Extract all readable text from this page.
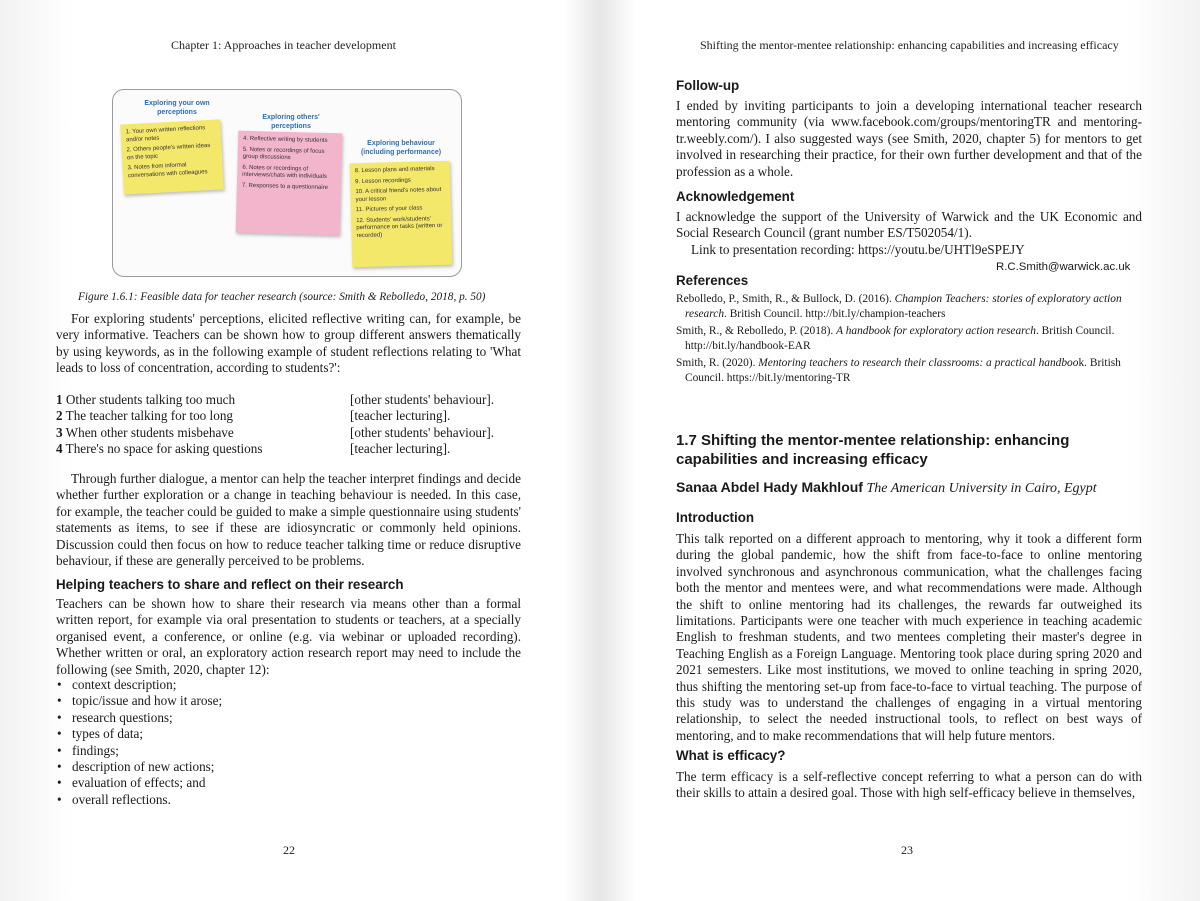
Chapter 1: Approaches in teacher development
Exploring your own perceptions

1. Your own written reflections and/or notes

2. Others people's written ideas on the topic

3. Notes from informal conversations with colleagues

Exploring others' perceptions

4. Reflective writing by students

5. Notes or recordings of focus group discussions

6. Notes or recordings of interviews/chats with individuals

7. Responses to a questionnaire

Exploring behaviour (including performance)

8. Lesson plans and materials

9. Lesson recordings

10. A critical friend's notes about your lesson

11. Pictures of your class

12. Students' work/students' performance on tasks (written or recorded)

Figure 1.6.1: Feasible data for teacher research (source: Smith & Rebolledo, 2018, p. 50)

For exploring students' perceptions, elicited reflective writing can, for example, be very informative. Teachers can be shown how to group different answers thematically by using keywords, as in the following example of student reflections relating to 'What leads to loss of concentration, according to students?':

1 Other students talking too much	[other students' behaviour].
2 The teacher talking for too long	[teacher lecturing].
3 When other students misbehave	[other students' behaviour].
4 There's no space for asking questions	[teacher lecturing].

Through further dialogue, a mentor can help the teacher interpret findings and decide whether further exploration or a change in teaching behaviour is needed. In this case, for example, the teacher could be guided to make a simple questionnaire using students' statements as items, to see if these are idiosyncratic or commonly held opinions. Discussion could then focus on how to reduce teacher talking time or reduce disruptive behaviour, if these are generally perceived to be problems.

Helping teachers to share and reflect on their research

Teachers can be shown how to share their research via means other than a formal written report, for example via oral presentation to students or teachers, at a specially organised event, a conference, or online (e.g. via webinar or uploaded recording). Whether written or oral, an exploratory action research report may need to include the following (see Smith, 2020, chapter 12):

• context description;
• topic/issue and how it arose;
• research questions;
• types of data;
• findings;
• description of new actions;
• evaluation of effects; and
• overall reflections.
22
Shifting the mentor-mentee relationship: enhancing capabilities and increasing efficacy
23
Follow-up

I ended by inviting participants to join a developing international teacher research mentoring community (via www.facebook.com/groups/mentoringTR and mentoring-tr.weebly.com/). I also suggested ways (see Smith, 2020, chapter 5) for mentors to get involved in researching their practice, for their own further development and that of the profession as a whole.

Acknowledgement

I acknowledge the support of the University of Warwick and the UK Economic and Social Research Council (grant number ES/T502054/1).

Link to presentation recording: https://youtu.be/UHTl9eSPEJY

R.C.Smith@warwick.ac.uk
References

Rebolledo, P., Smith, R., & Bullock, D. (2016). Champion Teachers: stories of exploratory action research. British Council. http://bit.ly/champion-teachers

Smith, R., & Rebolledo, P. (2018). A handbook for exploratory action research. British Council. http://bit.ly/handbook-EAR

Smith, R. (2020). Mentoring teachers to research their classrooms: a practical handbook. British Council. https://bit.ly/mentoring-TR

1.7 Shifting the mentor-mentee relationship: enhancing capabilities and increasing efficacy
Sanaa Abdel Hady Makhlouf The American University in Cairo, Egypt
Introduction

This talk reported on a different approach to mentoring, why it took a different form during the global pandemic, how the shift from face-to-face to online mentoring involved synchronous and asynchronous communication, what the challenges facing both the mentor and mentees were, and what recommendations were made. Although the shift to online mentoring had its challenges, the rewards far outweighed its limitations. Participants were one teacher with much experience in teaching academic English to freshman students, and two mentees completing their master's degree in Teaching English as a Foreign Language. Mentoring took place during spring 2020 and 2021 semesters. Like most institutions, we moved to online teaching in spring 2020, thus shifting the mentoring set-up from face-to-face to virtual teaching. The purpose of this study was to understand the challenges of engaging in a virtual mentoring relationship, to select the needed instructional tools, to reflect on best ways of mentoring, and to make recommendations that will help future mentors.

What is efficacy?

The term efficacy is a self-reflective concept referring to what a person can do with their skills to attain a desired goal. Those with high self-efficacy believe in themselves,
